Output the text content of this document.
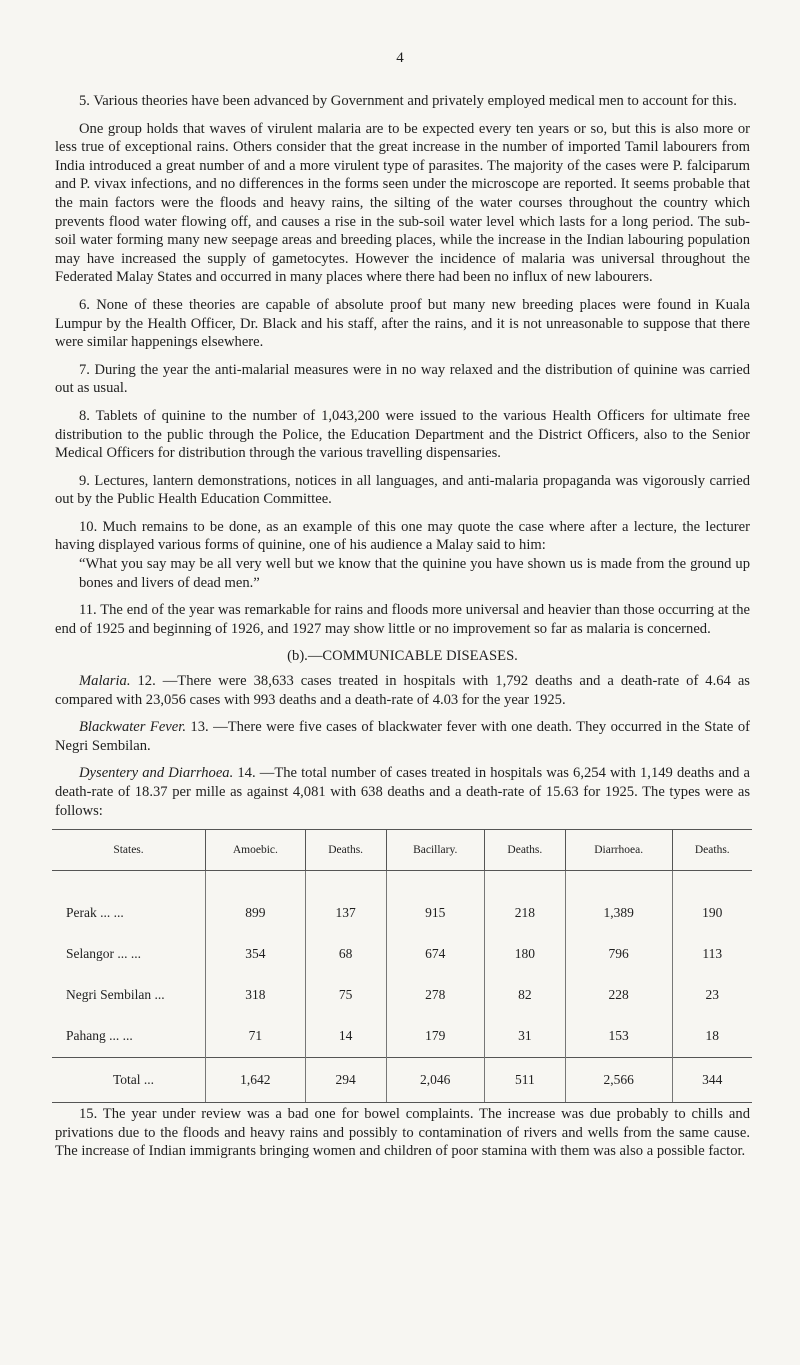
4

5. Various theories have been advanced by Government and privately employed medical men to account for this.

One group holds that waves of virulent malaria are to be expected every ten years or so, but this is also more or less true of exceptional rains. Others consider that the great increase in the number of imported Tamil labourers from India introduced a great number of and a more virulent type of parasites. The majority of the cases were P. falciparum and P. vivax infections, and no differences in the forms seen under the microscope are reported. It seems probable that the main factors were the floods and heavy rains, the silting of the water courses throughout the country which prevents flood water flowing off, and causes a rise in the sub-soil water level which lasts for a long period. The sub-soil water forming many new seepage areas and breeding places, while the increase in the Indian labouring population may have increased the supply of gametocytes. However the incidence of malaria was universal throughout the Federated Malay States and occurred in many places where there had been no influx of new labourers.

6. None of these theories are capable of absolute proof but many new breeding places were found in Kuala Lumpur by the Health Officer, Dr. Black and his staff, after the rains, and it is not unreasonable to suppose that there were similar happenings elsewhere.

7. During the year the anti-malarial measures were in no way relaxed and the distribution of quinine was carried out as usual.

8. Tablets of quinine to the number of 1,043,200 were issued to the various Health Officers for ultimate free distribution to the public through the Police, the Education Department and the District Officers, also to the Senior Medical Officers for distribution through the various travelling dispensaries.

9. Lectures, lantern demonstrations, notices in all languages, and anti-malaria propaganda was vigorously carried out by the Public Health Education Committee.

10. Much remains to be done, as an example of this one may quote the case where after a lecture, the lecturer having displayed various forms of quinine, one of his audience a Malay said to him:

“What you say may be all very well but we know that the quinine you have shown us is made from the ground up bones and livers of dead men.”

11. The end of the year was remarkable for rains and floods more universal and heavier than those occurring at the end of 1925 and beginning of 1926, and 1927 may show little or no improvement so far as malaria is concerned.

(b).—COMMUNICABLE DISEASES.

Malaria. 12. —There were 38,633 cases treated in hospitals with 1,792 deaths and a death-rate of 4.64 as compared with 23,056 cases with 993 deaths and a death-rate of 4.03 for the year 1925.

Blackwater Fever. 13. —There were five cases of blackwater fever with one death. They occurred in the State of Negri Sembilan.

Dysentery and Diarrhoea. 14. —The total number of cases treated in hospitals was 6,254 with 1,149 deaths and a death-rate of 18.37 per mille as against 4,081 with 638 deaths and a death-rate of 15.63 for 1925. The types were as follows:

States.	Amoebic.	Deaths.	Bacillary.	Deaths.	Diarrhoea.	Deaths.

Perak ... ...	899	137	915	218	1,389	190
Selangor ... ...	354	68	674	180	796	113
Negri Sembilan ...	318	75	278	82	228	23
Pahang ... ...	71	14	179	31	153	18
Total ...	1,642	294	2,046	511	2,566	344

15. The year under review was a bad one for bowel complaints. The increase was due probably to chills and privations due to the floods and heavy rains and possibly to contamination of rivers and wells from the same cause. The increase of Indian immigrants bringing women and children of poor stamina with them was also a possible factor.
